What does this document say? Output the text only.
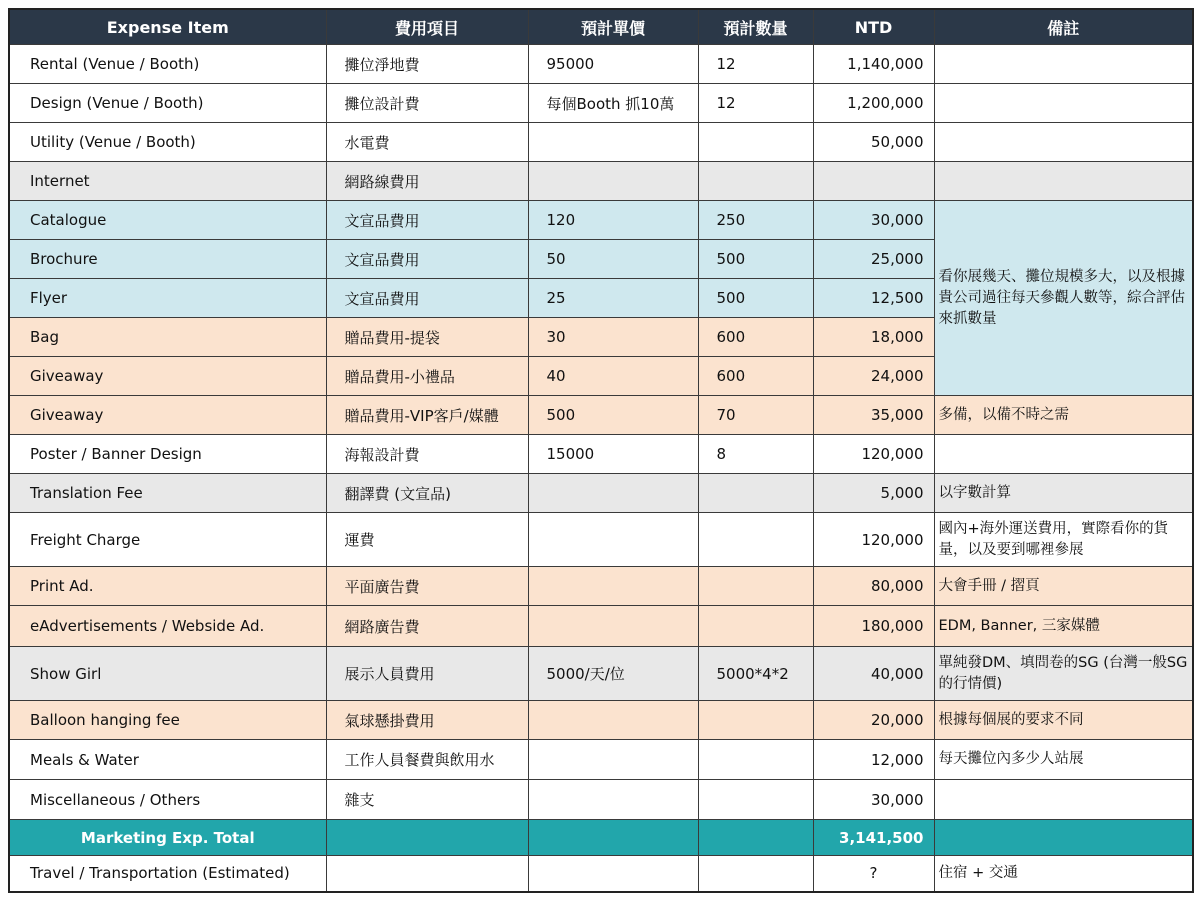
Expense Item	費用項目	預計單價	預計數量	NTD	備註
Rental (Venue / Booth)	攤位淨地費	95000	12	1,140,000	
Design (Venue / Booth)	攤位設計費	每個Booth 抓10萬	12	1,200,000	
Utility (Venue / Booth)	水電費			50,000	
Internet	網路線費用				
Catalogue	文宣品費用	120	250	30,000	看你展幾天、攤位規模多大，以及根據貴公司過往每天參觀人數等，綜合評估來抓數量
Brochure	文宣品費用	50	500	25,000	
Flyer	文宣品費用	25	500	12,500	
Bag	贈品費用-提袋	30	600	18,000	
Giveaway	贈品費用-小禮品	40	600	24,000	
Giveaway	贈品費用-VIP客戶/媒體	500	70	35,000	多備，以備不時之需
Poster / Banner Design	海報設計費	15000	8	120,000	
Translation Fee	翻譯費 (文宣品)			5,000	以字數計算
Freight Charge	運費			120,000	國內+海外運送費用，實際看你的貨量，以及要到哪裡參展
Print Ad.	平面廣告費			80,000	大會手冊 / 摺頁
eAdvertisements / Webside Ad.	網路廣告費			180,000	EDM, Banner, 三家媒體
Show Girl	展示人員費用	5000/天/位	5000*4*2	40,000	單純發DM、填問卷的SG (台灣一般SG的行情價)
Balloon hanging fee	氣球懸掛費用			20,000	根據每個展的要求不同
Meals & Water	工作人員餐費與飲用水			12,000	每天攤位內多少人站展
Miscellaneous / Others	雜支			30,000	
Marketing Exp. Total				3,141,500	
Travel / Transportation (Estimated)				?	住宿 + 交通
